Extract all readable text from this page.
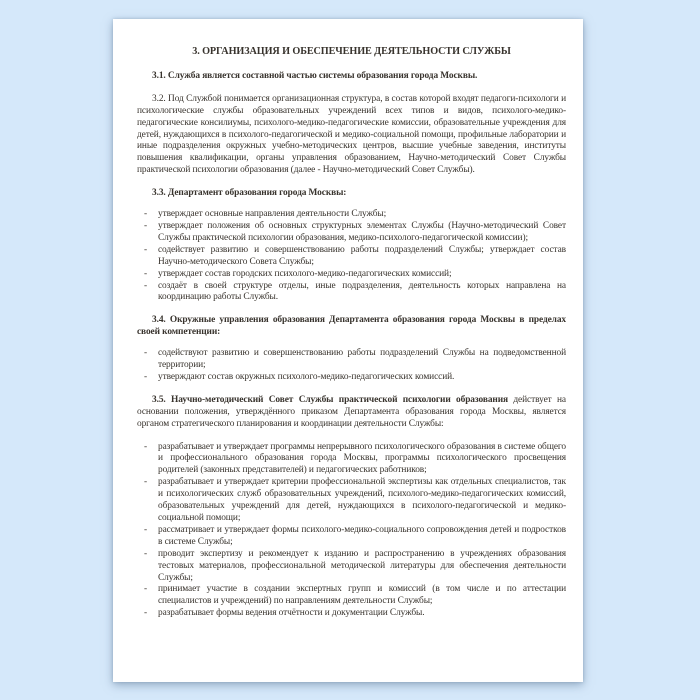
3. ОРГАНИЗАЦИЯ И ОБЕСПЕЧЕНИЕ ДЕЯТЕЛЬНОСТИ СЛУЖБЫ

3.1. Служба является составной частью системы образования города Москвы.

3.2. Под Службой понимается организационная структура, в состав которой входят педагоги-психологи и психологические службы образовательных учреждений всех типов и видов, психолого-медико-педагогические консилиумы, психолого-медико-педагогические комиссии, образовательные учреждения для детей, нуждающихся в психолого-педагогической и медико-социальной помощи, профильные лаборатории и иные подразделения окружных учебно-методических центров, высшие учебные заведения, институты повышения квалификации, органы управления образованием, Научно-методический Совет Службы практической психологии образования (далее - Научно-методический Совет Службы).

3.3. Департамент образования города Москвы:

- утверждает основные направления деятельности Службы;
- утверждает положения об основных структурных элементах Службы (Научно-методический Совет Службы практической психологии образования, медико-психолого-педагогической комиссии);
- содействует развитию и совершенствованию работы подразделений Службы; утверждает состав Научно-методического Совета Службы;
- утверждает состав городских психолого-медико-педагогических комиссий;
- создаёт в своей структуре отделы, иные подразделения, деятельность которых направлена на координацию работы Службы.

3.4. Окружные управления образования Департамента образования города Москвы в пределах своей компетенции:

- содействуют развитию и совершенствованию работы подразделений Службы на подведомственной территории;
- утверждают состав окружных психолого-медико-педагогических комиссий.

3.5. Научно-методический Совет Службы практической психологии образования действует на основании положения, утверждённого приказом Департамента образования города Москвы, является органом стратегического планирования и координации деятельности Службы:

- разрабатывает и утверждает программы непрерывного психологического образования в системе общего и профессионального образования города Москвы, программы психологического просвещения родителей (законных представителей) и педагогических работников;
- разрабатывает и утверждает критерии профессиональной экспертизы как отдельных специалистов, так и психологических служб образовательных учреждений, психолого-медико-педагогических комиссий, образовательных учреждений для детей, нуждающихся в психолого-педагогической и медико-социальной помощи;
- рассматривает и утверждает формы психолого-медико-социального сопровождения детей и подростков в системе Службы;
- проводит экспертизу и рекомендует к изданию и распространению в учреждениях образования тестовых материалов, профессиональной методической литературы для обеспечения деятельности Службы;
- принимает участие в создании экспертных групп и комиссий (в том числе и по аттестации специалистов и учреждений) по направлениям деятельности Службы;
- разрабатывает формы ведения отчётности и документации Службы.
